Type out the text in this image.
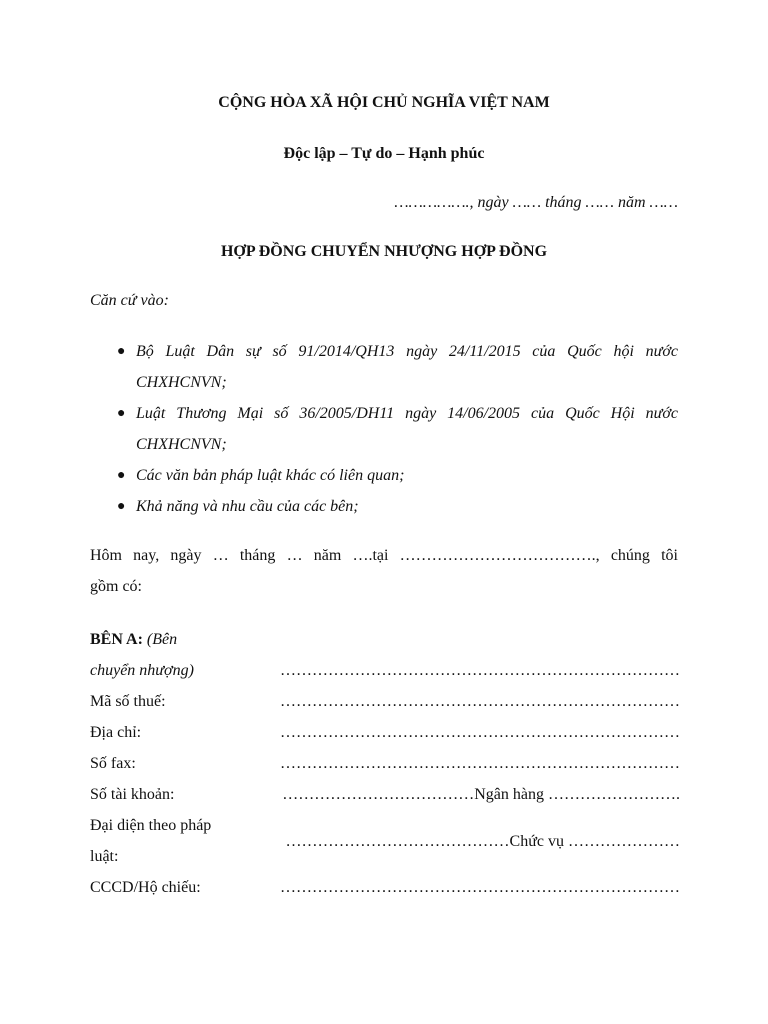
CỘNG HÒA XÃ HỘI CHỦ NGHĨA VIỆT NAM
Độc lập – Tự do – Hạnh phúc
……………., ngày …… tháng …… năm ……
HỢP ĐỒNG CHUYỂN NHƯỢNG HỢP ĐỒNG
Căn cứ vào:
● Bộ Luật Dân sự số 91/2014/QH13 ngày 24/11/2015 của Quốc hội nước
CHXHCNVN;
● Luật Thương Mại số 36/2005/DH11 ngày 14/06/2005 của Quốc Hội nước
CHXHCNVN;
● Các văn bản pháp luật khác có liên quan;
● Khả năng và nhu cầu của các bên;
Hôm nay, ngày … tháng … năm ….tại ………………………………., chúng tôi
gồm có:
BÊN A: (Bên
chuyển nhượng)	…………………………………………………………………
Mã số thuế:	…………………………………………………………………
Địa chỉ:	…………………………………………………………………
Số fax:	…………………………………………………………………
Số tài khoản:	………………………………Ngân hàng …………………….
Đại diện theo pháp
luật:	……………………………………Chức vụ …………………
CCCD/Hộ chiếu:	…………………………………………………………………
